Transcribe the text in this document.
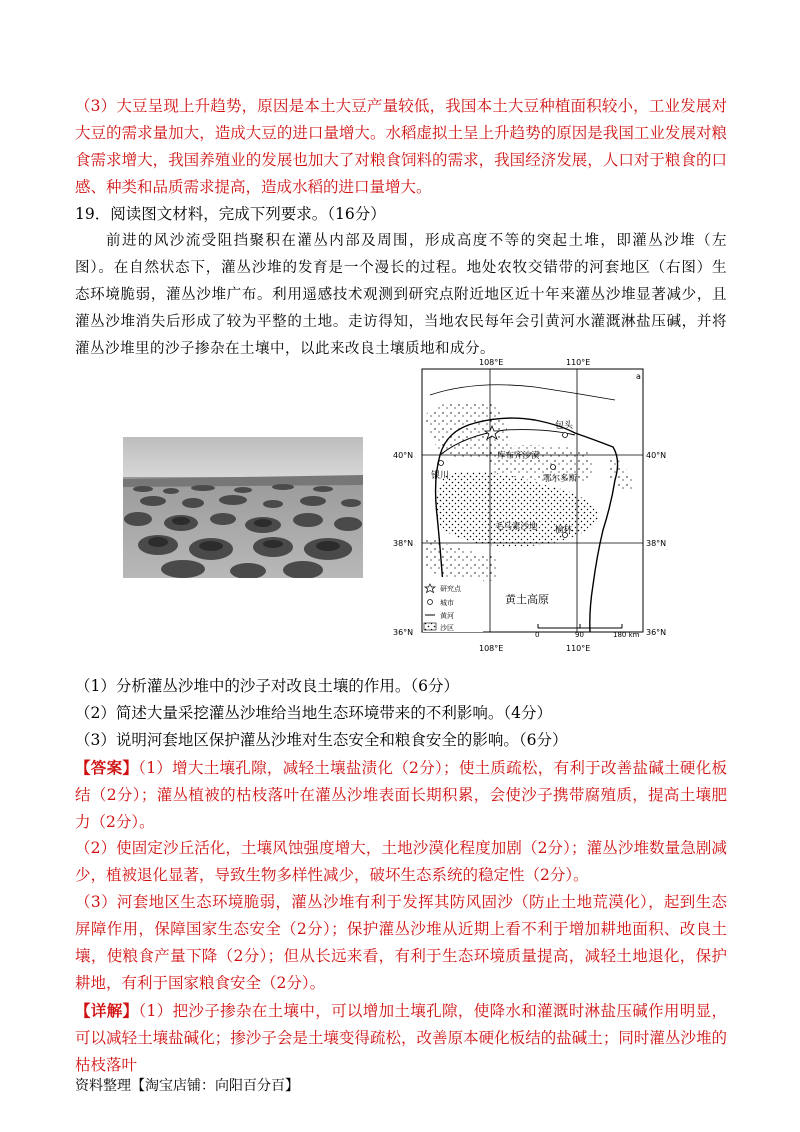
（3）大豆呈现上升趋势，原因是本土大豆产量较低，我国本土大豆种植面积较小，工业发展对大豆的需求量加大，造成大豆的进口量增大。水稻虚拟土呈上升趋势的原因是我国工业发展对粮食需求增大，我国养殖业的发展也加大了对粮食饲料的需求，我国经济发展，人口对于粮食的口感、种类和品质需求提高，造成水稻的进口量增大。

19．阅读图文材料，完成下列要求。（16分）

前进的风沙流受阻挡聚积在灌丛内部及周围，形成高度不等的突起土堆，即灌丛沙堆（左图）。在自然状态下，灌丛沙堆的发育是一个漫长的过程。地处农牧交错带的河套地区（右图）生态环境脆弱，灌丛沙堆广布。利用遥感技术观测到研究点附近地区近十年来灌丛沙堆显著减少，且灌丛沙堆消失后形成了较为平整的土地。走访得知，当地农民每年会引黄河水灌溉淋盐压碱，并将灌丛沙堆里的沙子掺杂在土壤中，以此来改良土壤质地和成分。

a
108°E	110°E
40°N	40°N
38°N	38°N
36°N	36°N
108°E	110°E
包头
库布齐沙漠
银川	鄂尔多斯
毛乌素沙地 榆林
黄土高原
研究点
城市
黄河
沙区
0	90	180 km

（1）分析灌丛沙堆中的沙子对改良土壤的作用。（6分）

（2）简述大量采挖灌丛沙堆给当地生态环境带来的不利影响。（4分）

（3）说明河套地区保护灌丛沙堆对生态安全和粮食安全的影响。（6分）

【答案】（1）增大土壤孔隙，减轻土壤盐渍化（2分）；使土质疏松，有利于改善盐碱土硬化板结（2分）；灌丛植被的枯枝落叶在灌丛沙堆表面长期积累，会使沙子携带腐殖质，提高土壤肥力（2分）。

（2）使固定沙丘活化，土壤风蚀强度增大，土地沙漠化程度加剧（2分）；灌丛沙堆数量急剧减少，植被退化显著，导致生物多样性减少，破坏生态系统的稳定性（2分）。

（3）河套地区生态环境脆弱，灌丛沙堆有利于发挥其防风固沙（防止土地荒漠化），起到生态屏障作用，保障国家生态安全（2分）；保护灌丛沙堆从近期上看不利于增加耕地面积、改良土壤，使粮食产量下降（2分）；但从长远来看，有利于生态环境质量提高，减轻土地退化，保护耕地，有利于国家粮食安全（2分）。

【详解】（1）把沙子掺杂在土壤中，可以增加土壤孔隙，使降水和灌溉时淋盐压碱作用明显，可以减轻土壤盐碱化；掺沙子会是土壤变得疏松，改善原本硬化板结的盐碱土；同时灌丛沙堆的枯枝落叶

资料整理【淘宝店铺：向阳百分百】
